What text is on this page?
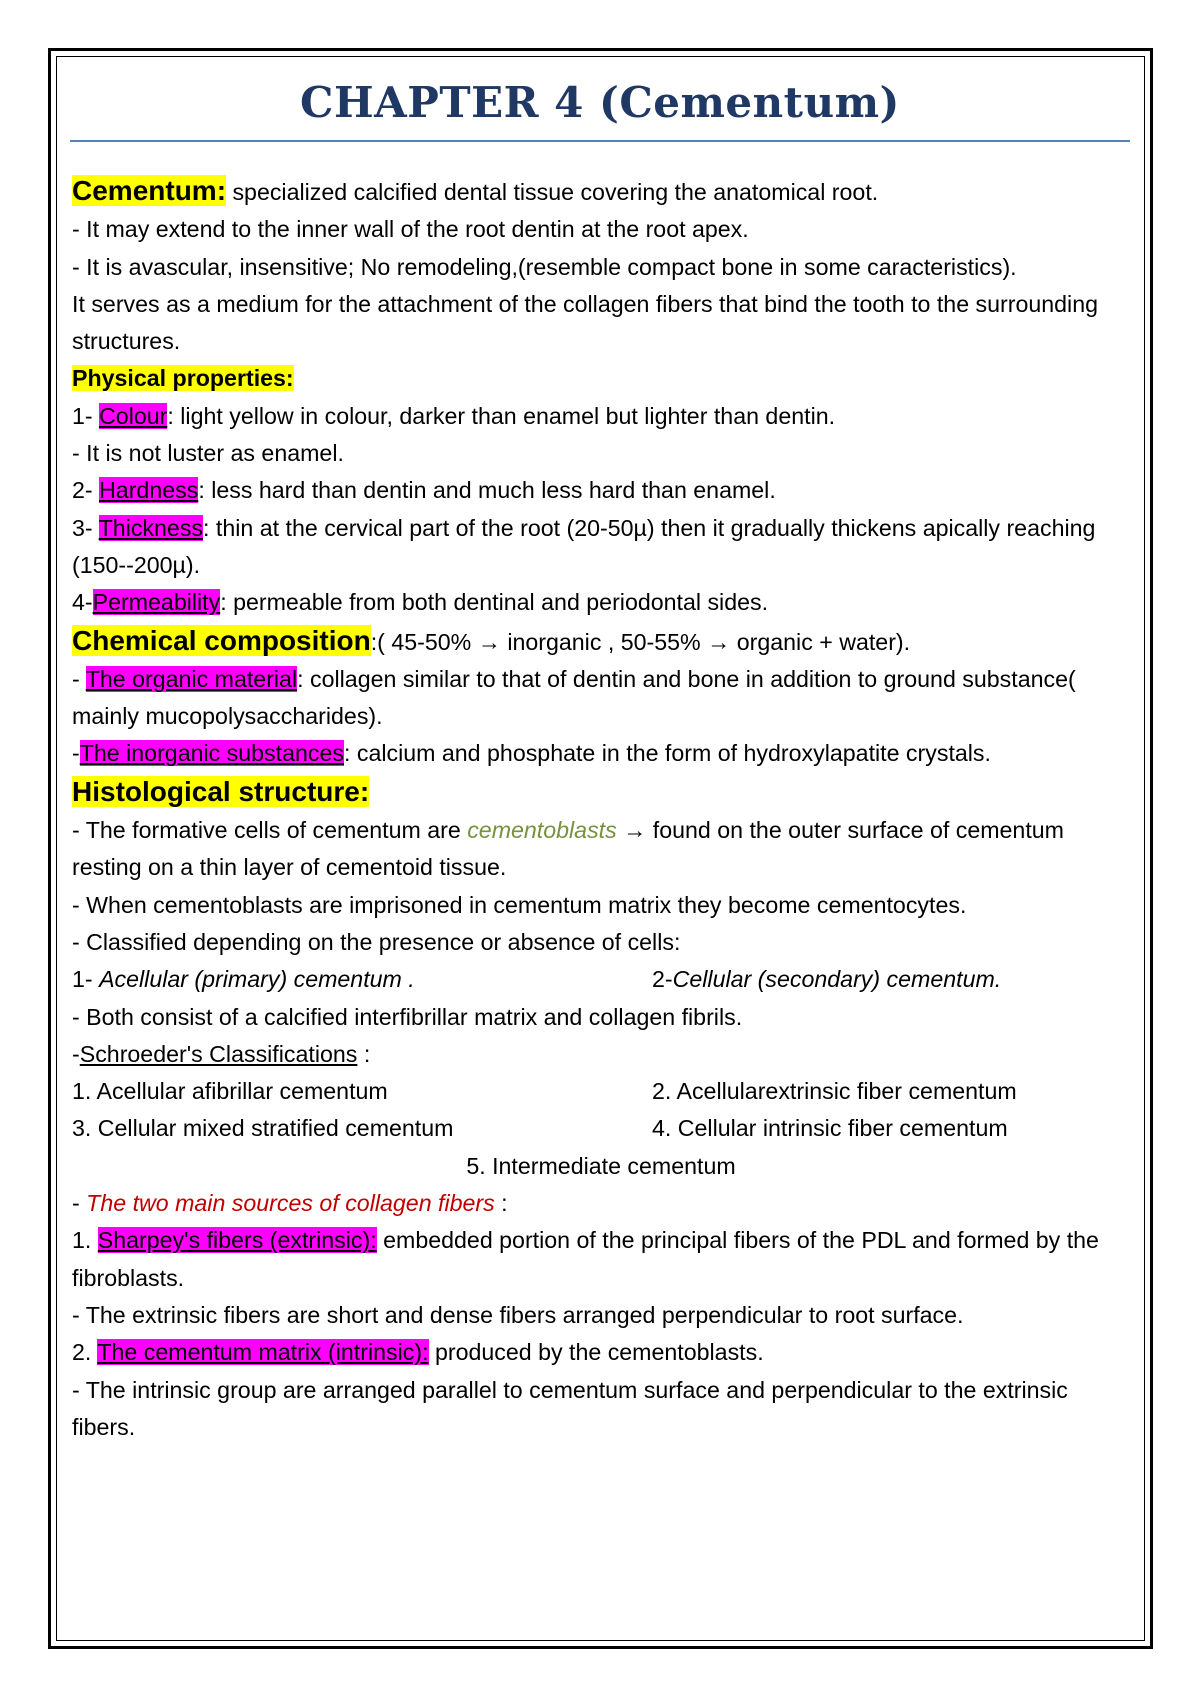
CHAPTER 4 (Cementum)

Cementum: specialized calcified dental tissue covering the anatomical root.

- It may extend to the inner wall of the root dentin at the root apex.

- It is avascular, insensitive; No remodeling,(resemble compact bone in some caracteristics).

It serves as a medium for the attachment of the collagen fibers that bind the tooth to the surrounding structures.

Physical properties:

1- Colour: light yellow in colour, darker than enamel but lighter than dentin.

- It is not luster as enamel.

2- Hardness: less hard than dentin and much less hard than enamel.

3- Thickness: thin at the cervical part of the root (20-50µ) then it gradually thickens apically reaching (150--200µ).

4-Permeability: permeable from both dentinal and periodontal sides.

Chemical composition:( 45-50% → inorganic , 50-55% → organic + water).

- The organic material: collagen similar to that of dentin and bone in addition to ground substance( mainly mucopolysaccharides).

-The inorganic substances: calcium and phosphate in the form of hydroxylapatite crystals.

Histological structure:

- The formative cells of cementum are cementoblasts → found on the outer surface of cementum resting on a thin layer of cementoid tissue.

- When cementoblasts are imprisoned in cementum matrix they become cementocytes.

- Classified depending on the presence or absence of cells:

1- Acellular (primary) cementum .	2-Cellular (secondary) cementum.

- Both consist of a calcified interfibrillar matrix and collagen fibrils.

-Schroeder's Classifications :

1. Acellular afibrillar cementum	2. Acellularextrinsic fiber cementum
3. Cellular mixed stratified cementum	4. Cellular intrinsic fiber cementum

5. Intermediate cementum

- The two main sources of collagen fibers :

1. Sharpey's fibers (extrinsic): embedded portion of the principal fibers of the PDL and formed by the fibroblasts.

- The extrinsic fibers are short and dense fibers arranged perpendicular to root surface.

2. The cementum matrix (intrinsic): produced by the cementoblasts.

- The intrinsic group are arranged parallel to cementum surface and perpendicular to the extrinsic fibers.
